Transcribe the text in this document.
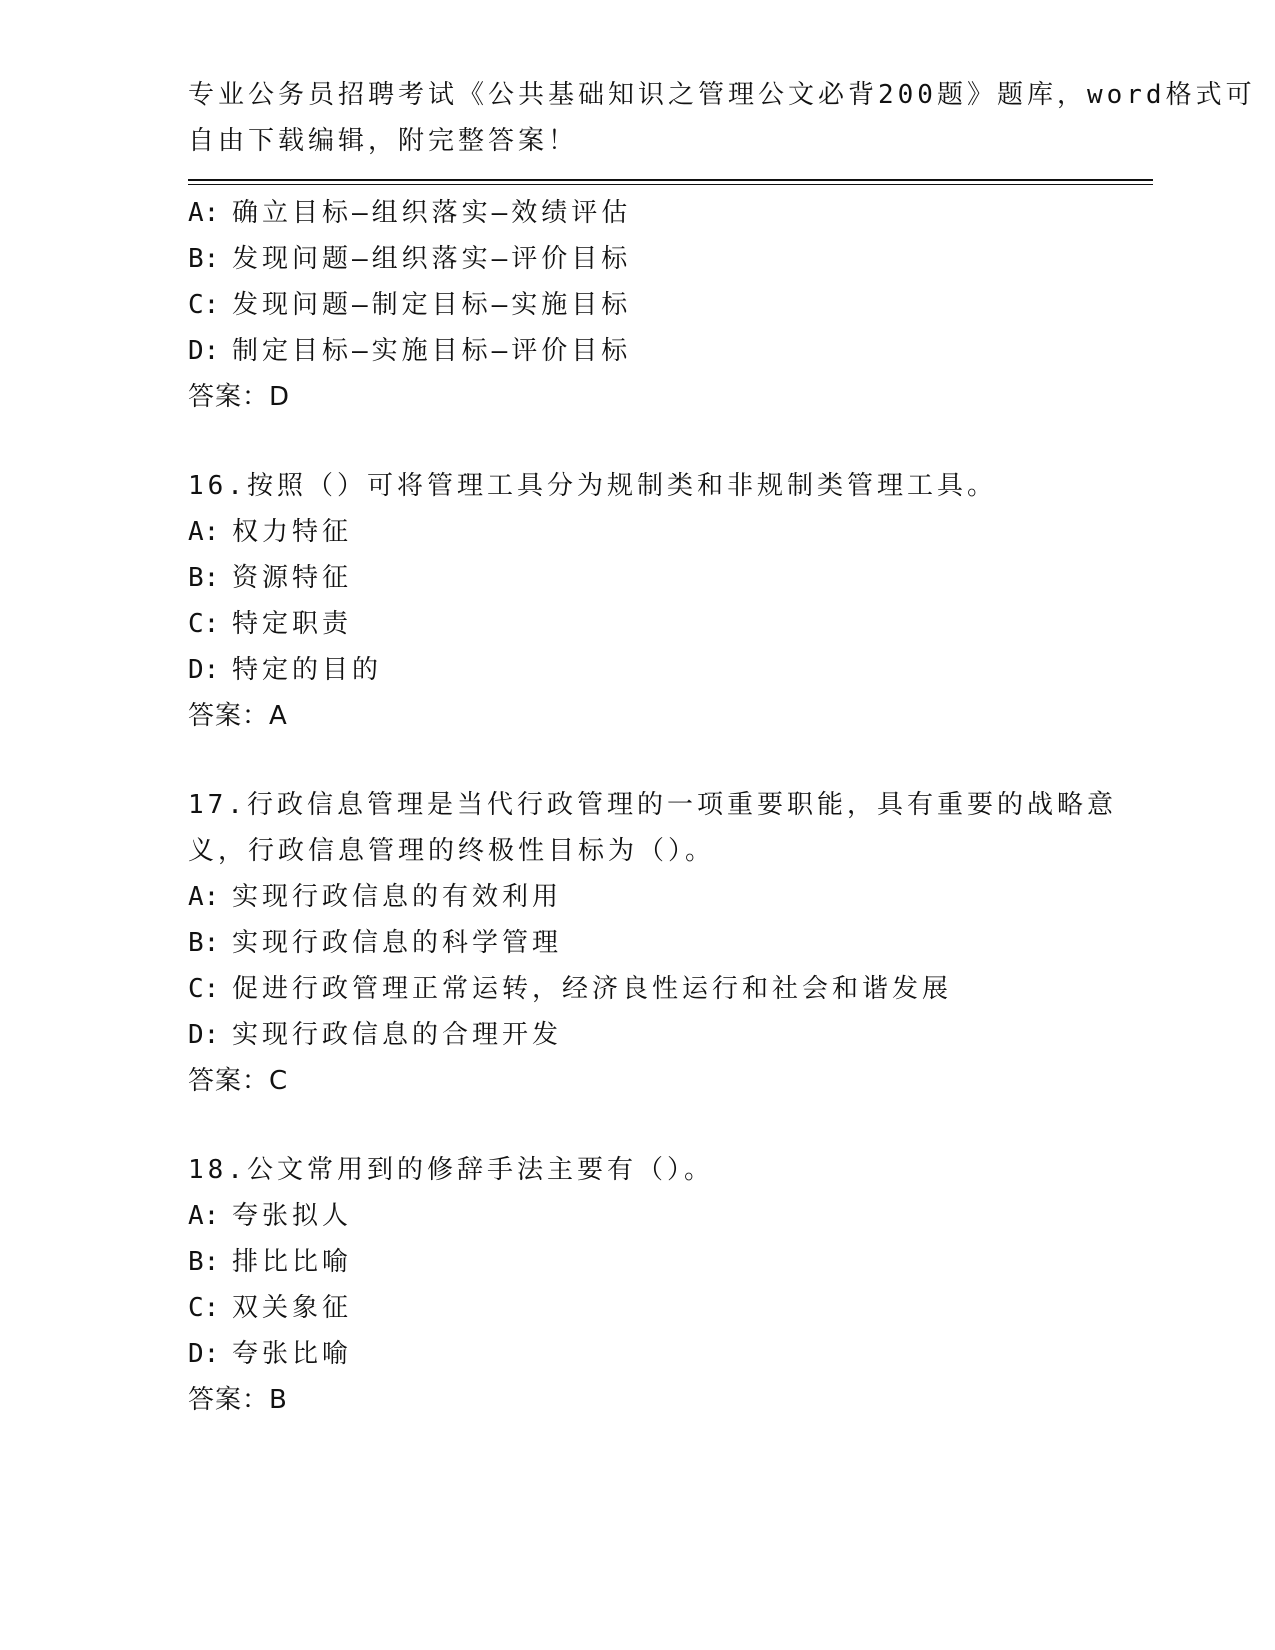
专业公务员招聘考试《公共基础知识之管理公文必背200题》题库，word格式可
自由下载编辑，附完整答案！
A: 确立目标—组织落实—效绩评估
B: 发现问题—组织落实—评价目标
C: 发现问题—制定目标—实施目标
D: 制定目标—实施目标—评价目标
答案：D
16.按照（）可将管理工具分为规制类和非规制类管理工具。
A: 权力特征
B: 资源特征
C: 特定职责
D: 特定的目的
答案：A
17.行政信息管理是当代行政管理的一项重要职能，具有重要的战略意
义，行政信息管理的终极性目标为（）。
A: 实现行政信息的有效利用
B: 实现行政信息的科学管理
C: 促进行政管理正常运转，经济良性运行和社会和谐发展
D: 实现行政信息的合理开发
答案：C
18.公文常用到的修辞手法主要有（）。
A: 夸张拟人
B: 排比比喻
C: 双关象征
D: 夸张比喻
答案：B
